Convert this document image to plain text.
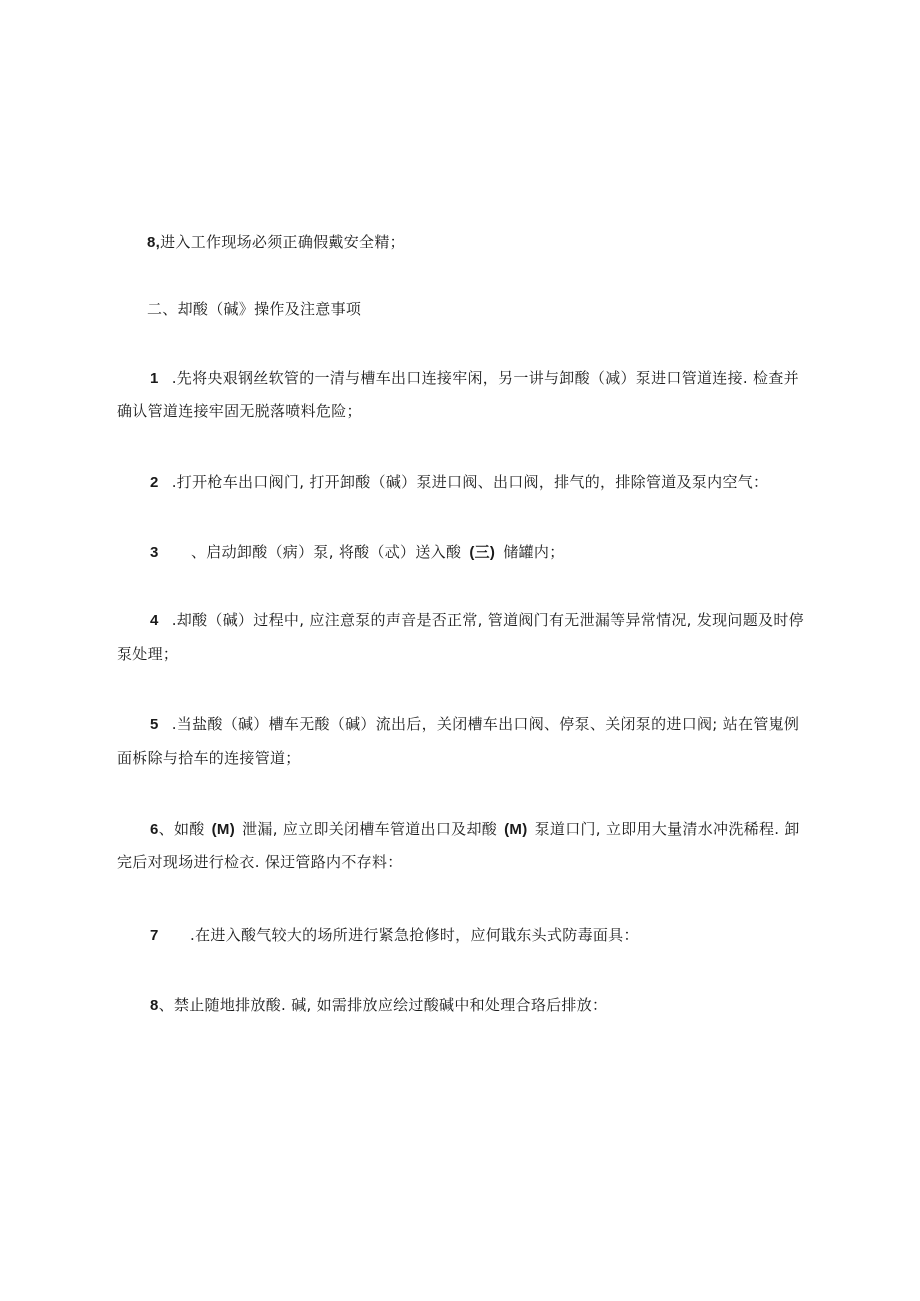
8,进入工作现场必须正确假戴安全精；
二、却酸（碱》操作及注意事项
1 .先将央艰钢丝软管的一清与槽车出口连接牢闲，另一讲与卸酸（减）泵进口管道连接. 检查并
确认管道连接牢固无脱落喷料危险；
2 .打开枪车出口阀门, 打开卸酸（碱）泵进口阀、出口阀，排气的，排除管道及泵内空气：
3 、启动卸酸（病）泵, 将酸（忒）送入酸 (三) 储罐内；
4 .却酸（碱）过程中, 应注意泵的声音是否正常, 管道阀门有无泄漏等异常情况, 发现问题及时停
泵处理；
5 .当盐酸（碱）槽车无酸（碱）流出后，关闭槽车出口阀、停泵、关闭泵的进口阀; 站在管嵬例
面柝除与拾车的连接管道；
6、如酸 (M) 泄漏, 应立即关闭槽车管道出口及却酸 (M) 泵道口门, 立即用大量清水冲洗稀程. 卸
完后对现场进行检衣. 保迂管路内不存料：
7 .在进入酸气较大的场所进行紧急抢修时，应何戢东头式防毒面具：
8、禁止随地排放酸. 碱, 如需排放应绘过酸碱中和处理合珞后排放：
